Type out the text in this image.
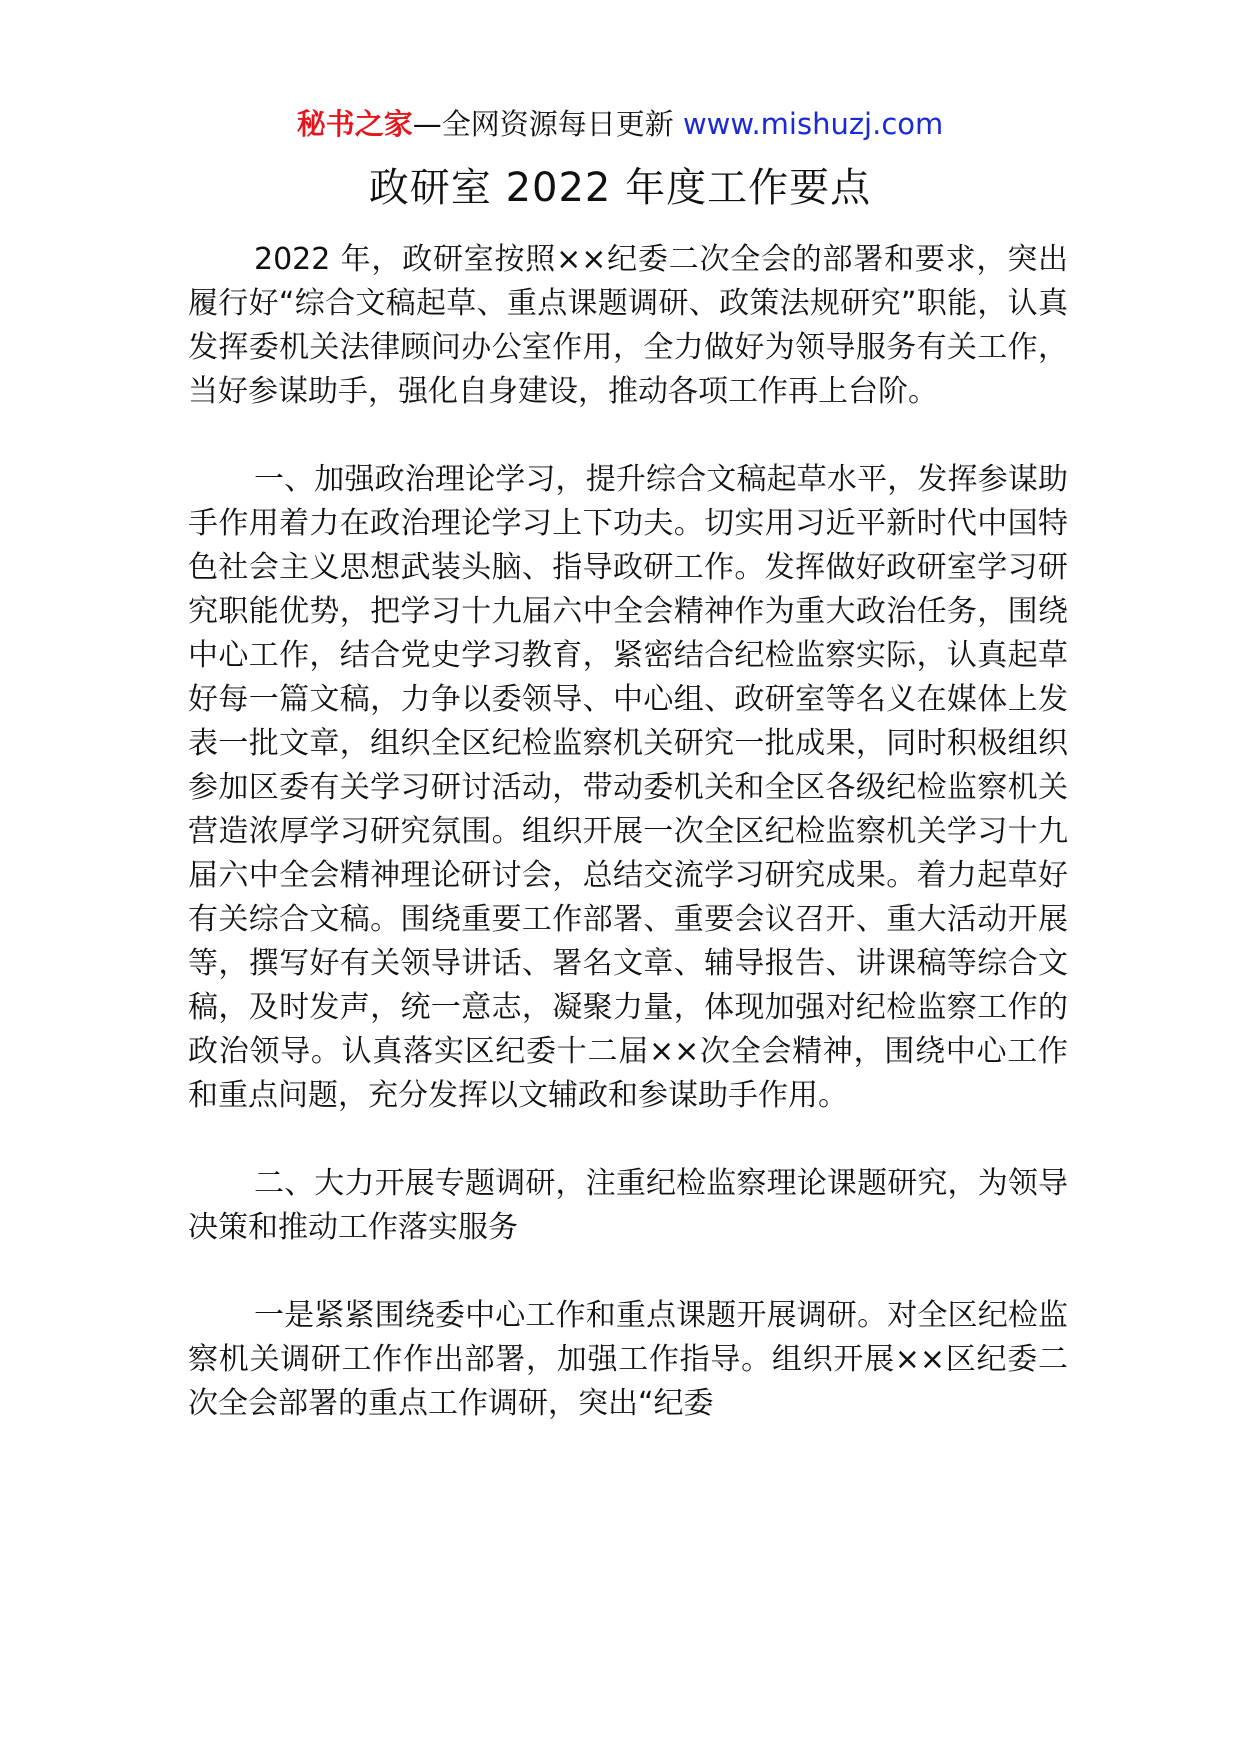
秘书之家—全网资源每日更新 www.mishuzj.com
政研室 2022 年度工作要点

2022 年，政研室按照××纪委二次全会的部署和要求，突出履行好“综合文稿起草、重点课题调研、政策法规研究”职能，认真发挥委机关法律顾问办公室作用，全力做好为领导服务有关工作，当好参谋助手，强化自身建设，推动各项工作再上台阶。

一、加强政治理论学习，提升综合文稿起草水平，发挥参谋助手作用着力在政治理论学习上下功夫。切实用习近平新时代中国特色社会主义思想武装头脑、指导政研工作。发挥做好政研室学习研究职能优势，把学习十九届六中全会精神作为重大政治任务，围绕中心工作，结合党史学习教育，紧密结合纪检监察实际，认真起草好每一篇文稿，力争以委领导、中心组、政研室等名义在媒体上发表一批文章，组织全区纪检监察机关研究一批成果，同时积极组织参加区委有关学习研讨活动，带动委机关和全区各级纪检监察机关营造浓厚学习研究氛围。组织开展一次全区纪检监察机关学习十九届六中全会精神理论研讨会，总结交流学习研究成果。着力起草好有关综合文稿。围绕重要工作部署、重要会议召开、重大活动开展等，撰写好有关领导讲话、署名文章、辅导报告、讲课稿等综合文稿，及时发声，统一意志，凝聚力量，体现加强对纪检监察工作的政治领导。认真落实区纪委十二届××次全会精神，围绕中心工作和重点问题，充分发挥以文辅政和参谋助手作用。

二、大力开展专题调研，注重纪检监察理论课题研究，为领导决策和推动工作落实服务

一是紧紧围绕委中心工作和重点课题开展调研。对全区纪检监察机关调研工作作出部署，加强工作指导。组织开展××区纪委二次全会部署的重点工作调研，突出“纪委
